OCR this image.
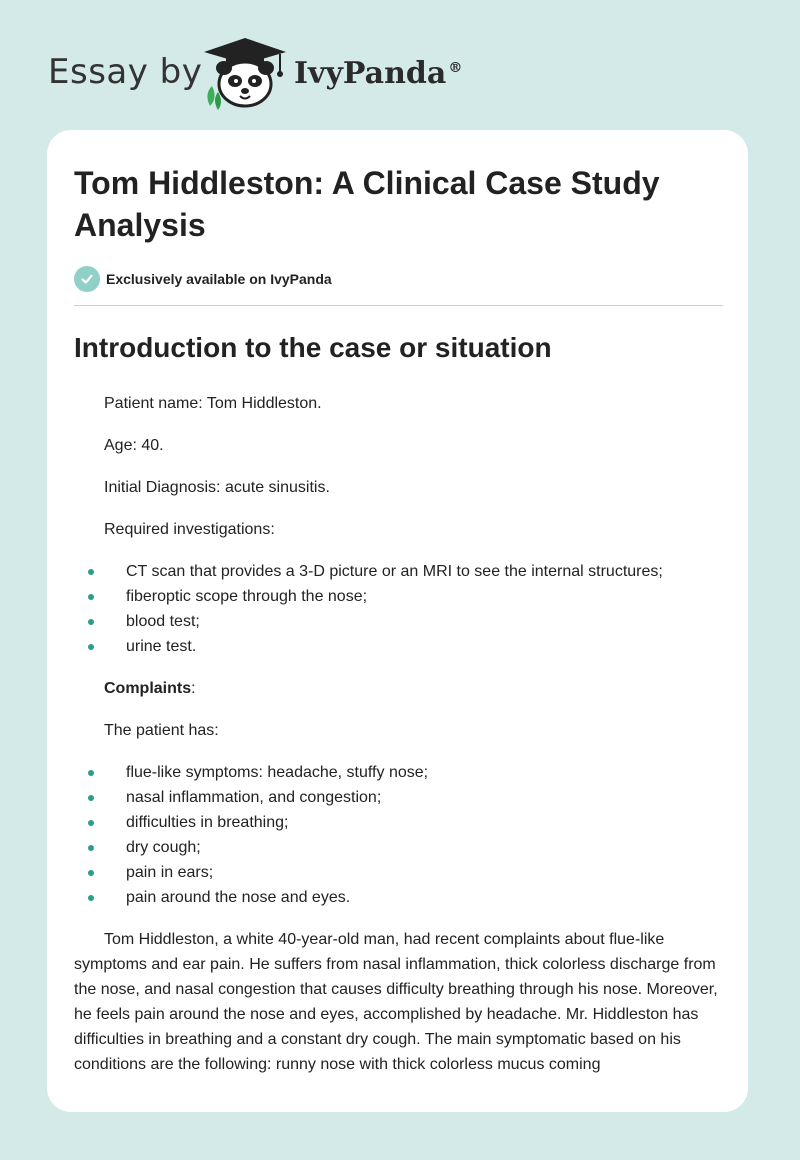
Essay by	IvyPanda ®
Tom Hiddleston: A Clinical Case Study Analysis
Exclusively available on IvyPanda
Introduction to the case or situation

Patient name: Tom Hiddleston.

Age: 40.

Initial Diagnosis: acute sinusitis.

Required investigations:

CT scan that provides a 3-D picture or an MRI to see the internal structures;
fiberoptic scope through the nose;
blood test;
urine test.

Complaints:

The patient has:

flue-like symptoms: headache, stuffy nose;
nasal inflammation, and congestion;
difficulties in breathing;
dry cough;
pain in ears;
pain around the nose and eyes.
Tom Hiddleston, a white 40-year-old man, had recent complaints about flue-like symptoms and ear pain. He suffers from nasal inflammation, thick colorless discharge from the nose, and nasal congestion that causes difficulty breathing through his nose. Moreover, he feels pain around the nose and eyes, accomplished by headache. Mr. Hiddleston has difficulties in breathing and a constant dry cough. The main symptomatic based on his conditions are the following: runny nose with thick colorless mucus coming
